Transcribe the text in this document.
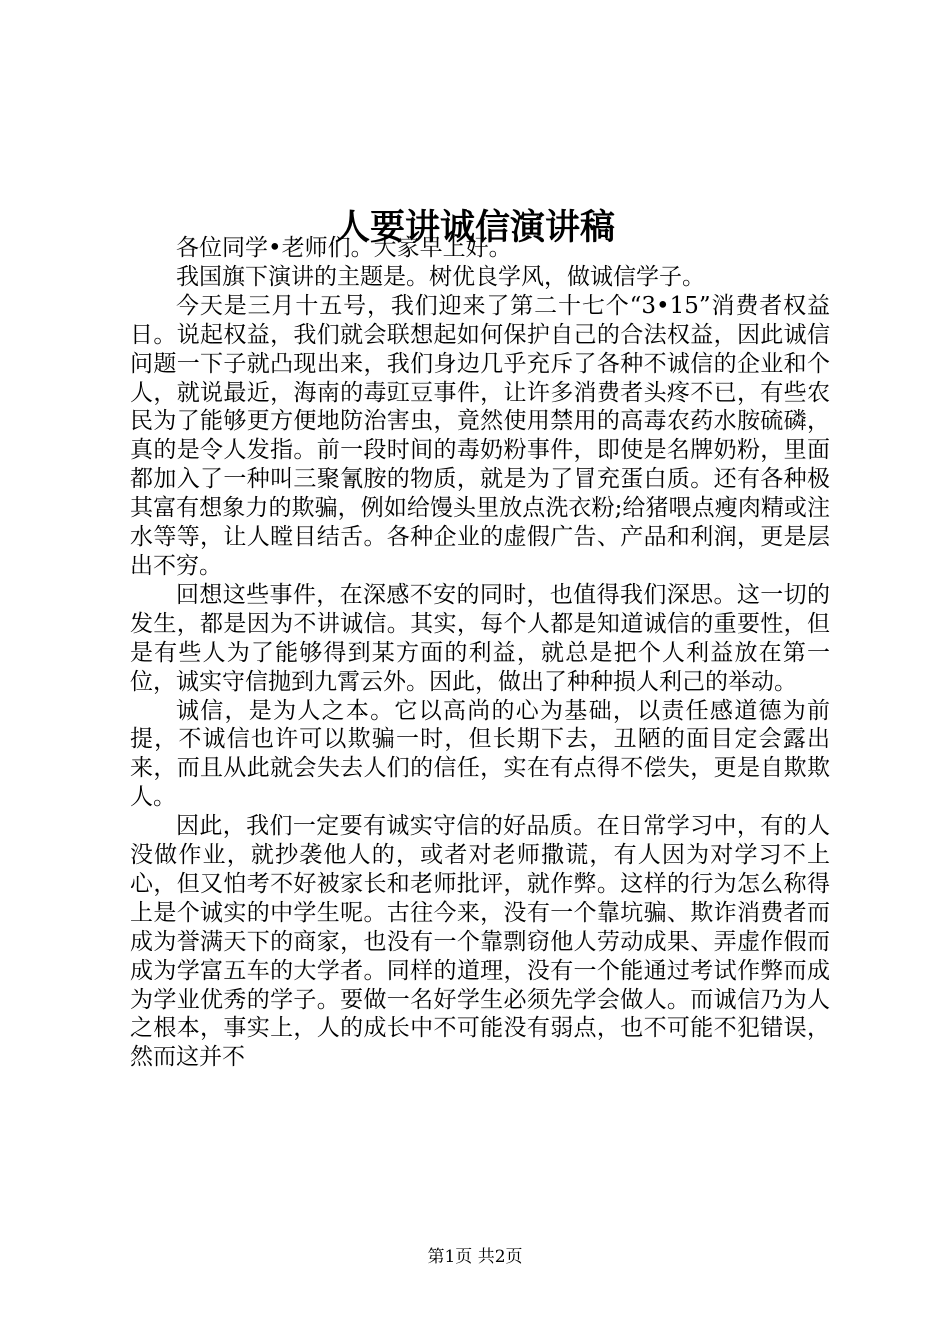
人要讲诚信演讲稿

各位同学•老师们。大家早上好。

我国旗下演讲的主题是。树优良学风，做诚信学子。

今天是三月十五号，我们迎来了第二十七个“3•15”消费者权益日。说起权益，我们就会联想起如何保护自己的合法权益，因此诚信问题一下子就凸现出来，我们身边几乎充斥了各种不诚信的企业和个人，就说最近，海南的毒豇豆事件，让许多消费者头疼不已，有些农民为了能够更方便地防治害虫，竟然使用禁用的高毒农药水胺硫磷，真的是令人发指。前一段时间的毒奶粉事件，即使是名牌奶粉，里面都加入了一种叫三聚氰胺的物质，就是为了冒充蛋白质。还有各种极其富有想象力的欺骗，例如给馒头里放点洗衣粉;给猪喂点瘦肉精或注水等等，让人瞠目结舌。各种企业的虚假广告、产品和利润，更是层出不穷。

回想这些事件，在深感不安的同时，也值得我们深思。这一切的发生，都是因为不讲诚信。其实，每个人都是知道诚信的重要性，但是有些人为了能够得到某方面的利益，就总是把个人利益放在第一位，诚实守信抛到九霄云外。因此，做出了种种损人利己的举动。

诚信，是为人之本。它以高尚的心为基础，以责任感道德为前提，不诚信也许可以欺骗一时，但长期下去，丑陋的面目定会露出来，而且从此就会失去人们的信任，实在有点得不偿失，更是自欺欺人。

因此，我们一定要有诚实守信的好品质。在日常学习中，有的人没做作业，就抄袭他人的，或者对老师撒谎，有人因为对学习不上心，但又怕考不好被家长和老师批评，就作弊。这样的行为怎么称得上是个诚实的中学生呢。古往今来，没有一个靠坑骗、欺诈消费者而成为誉满天下的商家，也没有一个靠剽窃他人劳动成果、弄虚作假而成为学富五车的大学者。同样的道理，没有一个能通过考试作弊而成为学业优秀的学子。要做一名好学生必须先学会做人。而诚信乃为人之根本，事实上，人的成长中不可能没有弱点，也不可能不犯错误，然而这并不

第1页 共2页
